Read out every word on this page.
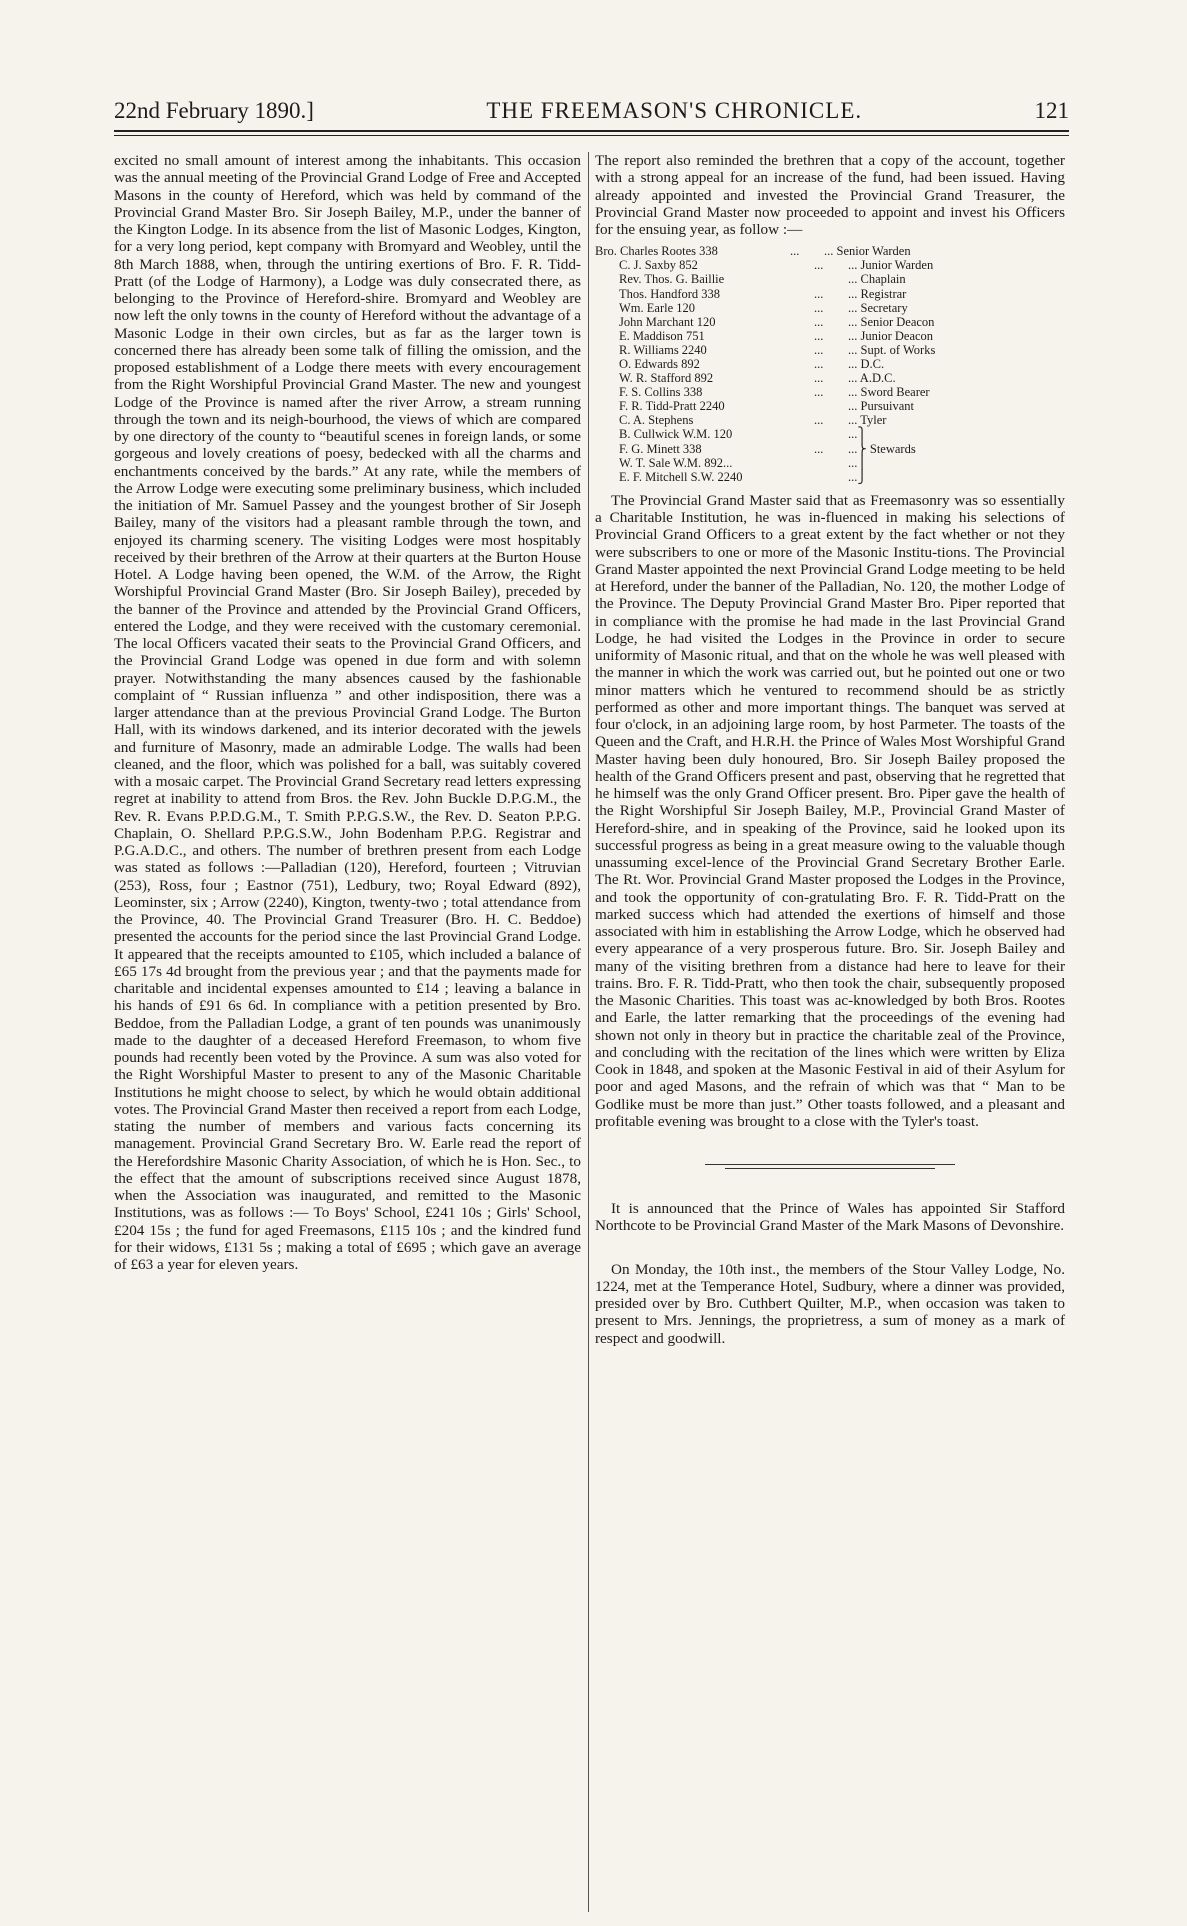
22nd February 1890.]	THE FREEMASON'S CHRONICLE.	121

excited no small amount of interest among the inhabitants. This occasion was the annual meeting of the Provincial Grand Lodge of Free and Accepted Masons in the county of Hereford, which was held by command of the Provincial Grand Master Bro. Sir Joseph Bailey, M.P., under the banner of the Kington Lodge. In its absence from the list of Masonic Lodges, Kington, for a very long period, kept company with Bromyard and Weobley, until the 8th March 1888, when, through the untiring exertions of Bro. F. R. Tidd-Pratt (of the Lodge of Harmony), a Lodge was duly consecrated there, as belonging to the Province of Hereford-shire. Bromyard and Weobley are now left the only towns in the county of Hereford without the advantage of a Masonic Lodge in their own circles, but as far as the larger town is concerned there has already been some talk of filling the omission, and the proposed establishment of a Lodge there meets with every encouragement from the Right Worshipful Provincial Grand Master. The new and youngest Lodge of the Province is named after the river Arrow, a stream running through the town and its neigh-bourhood, the views of which are compared by one directory of the county to “beautiful scenes in foreign lands, or some gorgeous and lovely creations of poesy, bedecked with all the charms and enchantments conceived by the bards.” At any rate, while the members of the Arrow Lodge were executing some preliminary business, which included the initiation of Mr. Samuel Passey and the youngest brother of Sir Joseph Bailey, many of the visitors had a pleasant ramble through the town, and enjoyed its charming scenery. The visiting Lodges were most hospitably received by their brethren of the Arrow at their quarters at the Burton House Hotel. A Lodge having been opened, the W.M. of the Arrow, the Right Worshipful Provincial Grand Master (Bro. Sir Joseph Bailey), preceded by the banner of the Province and attended by the Provincial Grand Officers, entered the Lodge, and they were received with the customary ceremonial. The local Officers vacated their seats to the Provincial Grand Officers, and the Provincial Grand Lodge was opened in due form and with solemn prayer. Notwithstanding the many absences caused by the fashionable complaint of “ Russian influenza ” and other indisposition, there was a larger attendance than at the previous Provincial Grand Lodge. The Burton Hall, with its windows darkened, and its interior decorated with the jewels and furniture of Masonry, made an admirable Lodge. The walls had been cleaned, and the floor, which was polished for a ball, was suitably covered with a mosaic carpet. The Provincial Grand Secretary read letters expressing regret at inability to attend from Bros. the Rev. John Buckle D.P.G.M., the Rev. R. Evans P.P.D.G.M., T. Smith P.P.G.S.W., the Rev. D. Seaton P.P.G. Chaplain, O. Shellard P.P.G.S.W., John Bodenham P.P.G. Registrar and P.G.A.D.C., and others. The number of brethren present from each Lodge was stated as follows :—Palladian (120), Hereford, fourteen ; Vitruvian (253), Ross, four ; Eastnor (751), Ledbury, two; Royal Edward (892), Leominster, six ; Arrow (2240), Kington, twenty-two ; total attendance from the Province, 40. The Provincial Grand Treasurer (Bro. H. C. Beddoe) presented the accounts for the period since the last Provincial Grand Lodge. It appeared that the receipts amounted to £105, which included a balance of £65 17s 4d brought from the previous year ; and that the payments made for charitable and incidental expenses amounted to £14 ; leaving a balance in his hands of £91 6s 6d. In compliance with a petition presented by Bro. Beddoe, from the Palladian Lodge, a grant of ten pounds was unanimously made to the daughter of a deceased Hereford Freemason, to whom five pounds had recently been voted by the Province. A sum was also voted for the Right Worshipful Master to present to any of the Masonic Charitable Institutions he might choose to select, by which he would obtain additional votes. The Provincial Grand Master then received a report from each Lodge, stating the number of members and various facts concerning its management. Provincial Grand Secretary Bro. W. Earle read the report of the Herefordshire Masonic Charity Association, of which he is Hon. Sec., to the effect that the amount of subscriptions received since August 1878, when the Association was inaugurated, and remitted to the Masonic Institutions, was as follows :— To Boys' School, £241 10s ; Girls' School, £204 15s ; the fund for aged Freemasons, £115 10s ; and the kindred fund for their widows, £131 5s ; making a total of £695 ; which gave an average of £63 a year for eleven years.

The report also reminded the brethren that a copy of the account, together with a strong appeal for an increase of the fund, had been issued. Having already appointed and invested the Provincial Grand Treasurer, the Provincial Grand Master now proceeded to appoint and invest his Officers for the ensuing year, as follow :—

Bro. Charles Rootes 338	...	... Senior Warden
C. J. Saxby 852	...	... Junior Warden
Rev. Thos. G. Baillie	... Chaplain
Thos. Handford 338	...	... Registrar
Wm. Earle 120	...	... Secretary
John Marchant 120	...	... Senior Deacon
E. Maddison 751	...	... Junior Deacon
R. Williams 2240	...	... Supt. of Works
O. Edwards 892	...	... D.C.
W. R. Stafford 892	...	... A.D.C.
F. S. Collins 338	...	... Sword Bearer
F. R. Tidd-Pratt 2240	... Pursuivant
C. A. Stephens	...	... Tyler
B. Cullwick W.M. 120	...⎫
F. G. Minett 338	...	...⎬ Stewards
W. T. Sale W.M. 892...	...⎪
E. F. Mitchell S.W. 2240	...⎭

The Provincial Grand Master said that as Freemasonry was so essentially a Charitable Institution, he was in-fluenced in making his selections of Provincial Grand Officers to a great extent by the fact whether or not they were subscribers to one or more of the Masonic Institu-tions. The Provincial Grand Master appointed the next Provincial Grand Lodge meeting to be held at Hereford, under the banner of the Palladian, No. 120, the mother Lodge of the Province. The Deputy Provincial Grand Master Bro. Piper reported that in compliance with the promise he had made in the last Provincial Grand Lodge, he had visited the Lodges in the Province in order to secure uniformity of Masonic ritual, and that on the whole he was well pleased with the manner in which the work was carried out, but he pointed out one or two minor matters which he ventured to recommend should be as strictly performed as other and more important things. The banquet was served at four o'clock, in an adjoining large room, by host Parmeter. The toasts of the Queen and the Craft, and H.R.H. the Prince of Wales Most Worshipful Grand Master having been duly honoured, Bro. Sir Joseph Bailey proposed the health of the Grand Officers present and past, observing that he regretted that he himself was the only Grand Officer present. Bro. Piper gave the health of the Right Worshipful Sir Joseph Bailey, M.P., Provincial Grand Master of Hereford-shire, and in speaking of the Province, said he looked upon its successful progress as being in a great measure owing to the valuable though unassuming excel-lence of the Provincial Grand Secretary Brother Earle. The Rt. Wor. Provincial Grand Master proposed the Lodges in the Province, and took the opportunity of con-gratulating Bro. F. R. Tidd-Pratt on the marked success which had attended the exertions of himself and those associated with him in establishing the Arrow Lodge, which he observed had every appearance of a very prosperous future. Bro. Sir. Joseph Bailey and many of the visiting brethren from a distance had here to leave for their trains. Bro. F. R. Tidd-Pratt, who then took the chair, subsequently proposed the Masonic Charities. This toast was ac-knowledged by both Bros. Rootes and Earle, the latter remarking that the proceedings of the evening had shown not only in theory but in practice the charitable zeal of the Province, and concluding with the recitation of the lines which were written by Eliza Cook in 1848, and spoken at the Masonic Festival in aid of their Asylum for poor and aged Masons, and the refrain of which was that “ Man to be Godlike must be more than just.” Other toasts followed, and a pleasant and profitable evening was brought to a close with the Tyler's toast.

It is announced that the Prince of Wales has appointed Sir Stafford Northcote to be Provincial Grand Master of the Mark Masons of Devonshire.

On Monday, the 10th inst., the members of the Stour Valley Lodge, No. 1224, met at the Temperance Hotel, Sudbury, where a dinner was provided, presided over by Bro. Cuthbert Quilter, M.P., when occasion was taken to present to Mrs. Jennings, the proprietress, a sum of money as a mark of respect and goodwill.
